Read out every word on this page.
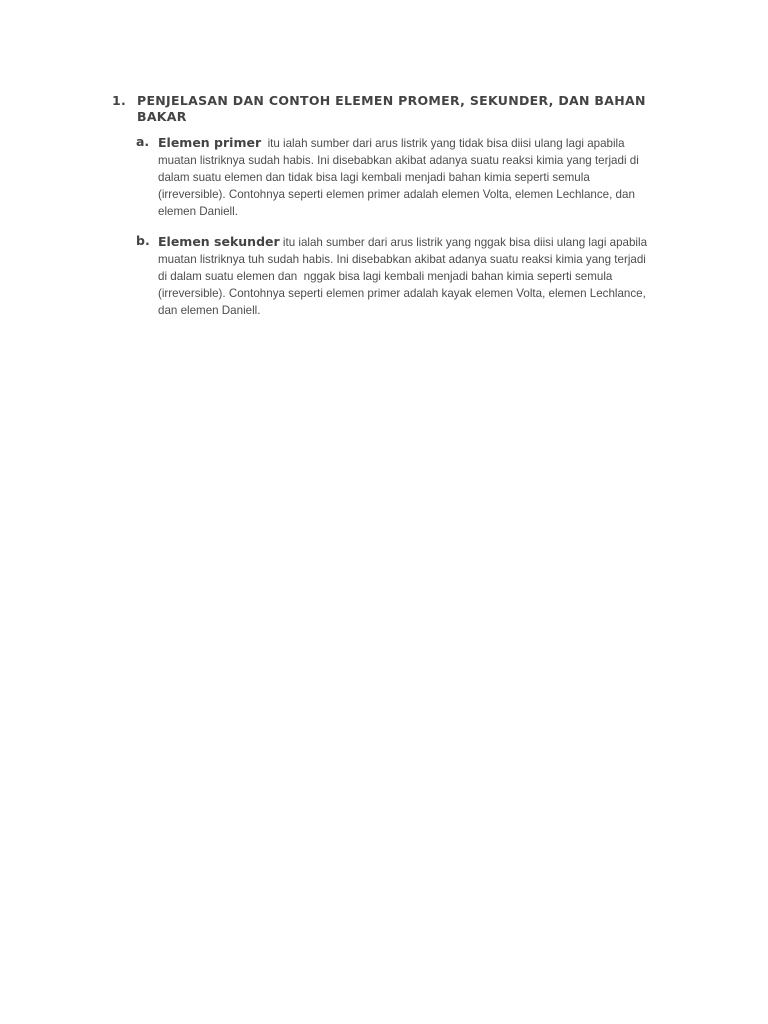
1. PENJELASAN DAN CONTOH ELEMEN PROMER, SEKUNDER, DAN BAHAN BAKAR
a. Elemen primer  itu ialah sumber dari arus listrik yang tidak bisa diisi ulang lagi apabila muatan listriknya sudah habis. Ini disebabkan akibat adanya suatu reaksi kimia yang terjadi di dalam suatu elemen dan tidak bisa lagi kembali menjadi bahan kimia seperti semula (irreversible). Contohnya seperti elemen primer adalah elemen Volta, elemen Lechlance, dan elemen Daniell.
b. Elemen sekunder itu ialah sumber dari arus listrik yang nggak bisa diisi ulang lagi apabila muatan listriknya tuh sudah habis. Ini disebabkan akibat adanya suatu reaksi kimia yang terjadi di dalam suatu elemen dan  nggak bisa lagi kembali menjadi bahan kimia seperti semula (irreversible). Contohnya seperti elemen primer adalah kayak elemen Volta, elemen Lechlance, dan elemen Daniell.
